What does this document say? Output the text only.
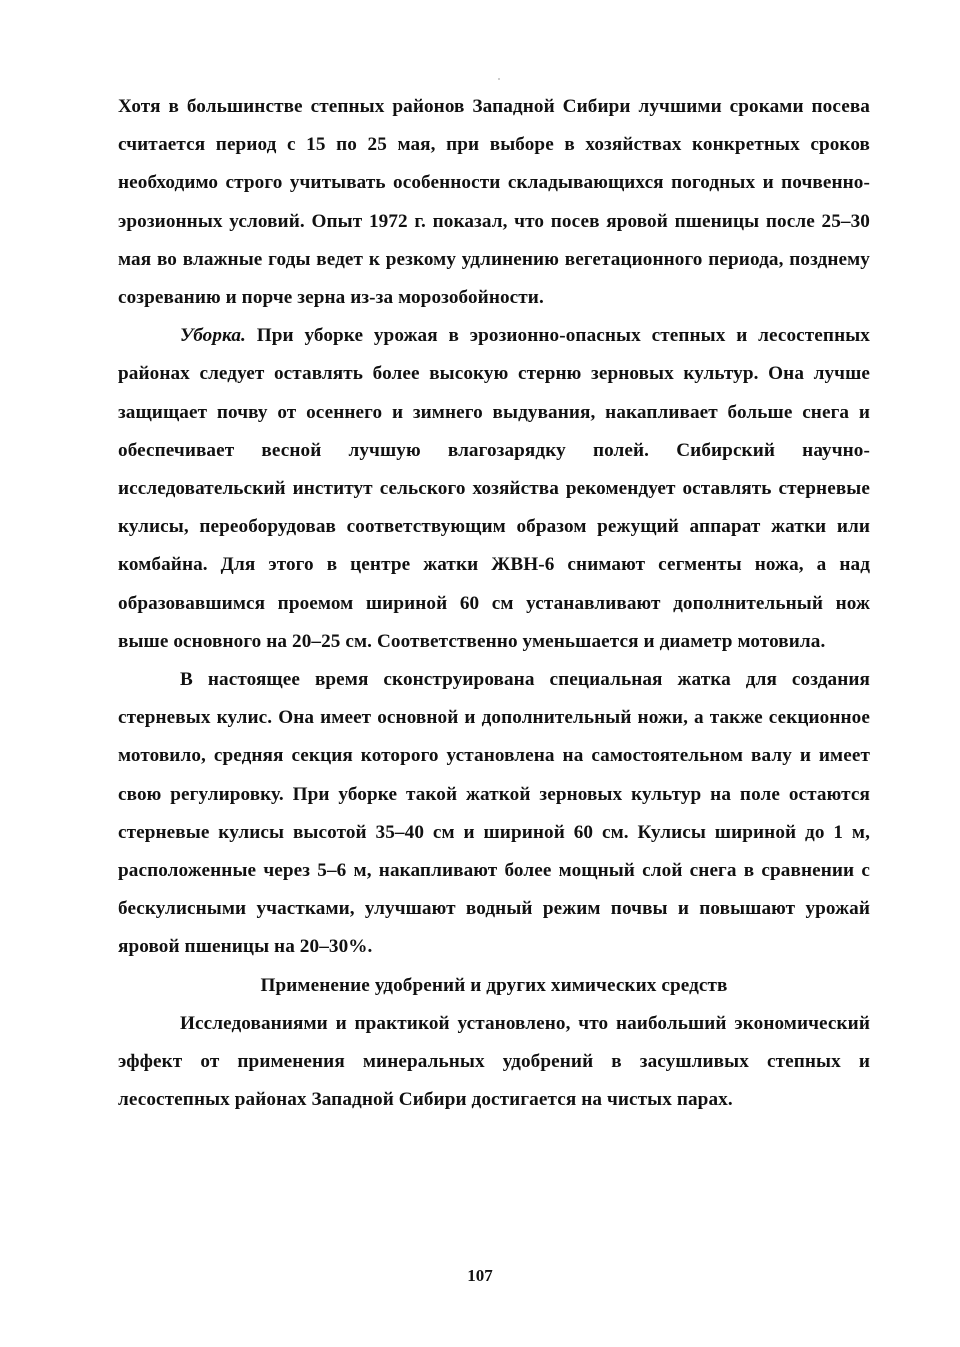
Хотя в большинстве степных районов Западной Сибири лучшими сроками посева считается период с 15 по 25 мая, при выборе в хозяйствах конкретных сроков необходимо строго учитывать особенности складывающихся погодных и почвенно-эрозионных условий. Опыт 1972 г. показал, что посев яровой пшеницы после 25–30 мая во влажные годы ведет к резкому удлинению вегетационного периода, позднему созреванию и порче зерна из-за морозобойности.

Уборка. При уборке урожая в эрозионно-опасных степных и лесостепных районах следует оставлять более высокую стерню зерновых культур. Она лучше защищает почву от осеннего и зимнего выдувания, накапливает больше снега и обеспечивает весной лучшую влагозарядку полей. Сибирский научно-исследовательский институт сельского хозяйства рекомендует оставлять стерневые кулисы, переоборудовав соответствующим образом режущий аппарат жатки или комбайна. Для этого в центре жатки ЖВН-6 снимают сегменты ножа, а над образовавшимся проемом шириной 60 см устанавливают дополнительный нож выше основного на 20–25 см. Соответственно уменьшается и диаметр мотовила.

В настоящее время сконструирована специальная жатка для создания стерневых кулис. Она имеет основной и дополнительный ножи, а также секционное мотовило, средняя секция которого установлена на самостоятельном валу и имеет свою регулировку. При уборке такой жаткой зерновых культур на поле остаются стерневые кулисы высотой 35–40 см и шириной 60 см. Кулисы шириной до 1 м, расположенные через 5–6 м, накапливают более мощный слой снега в сравнении с бескулисными участками, улучшают водный режим почвы и повышают урожай яровой пшеницы на 20–30%.

Применение удобрений и других химических средств

Исследованиями и практикой установлено, что наибольший экономический эффект от применения минеральных удобрений в засушливых степных и лесостепных районах Западной Сибири достигается на чистых парах.

107
